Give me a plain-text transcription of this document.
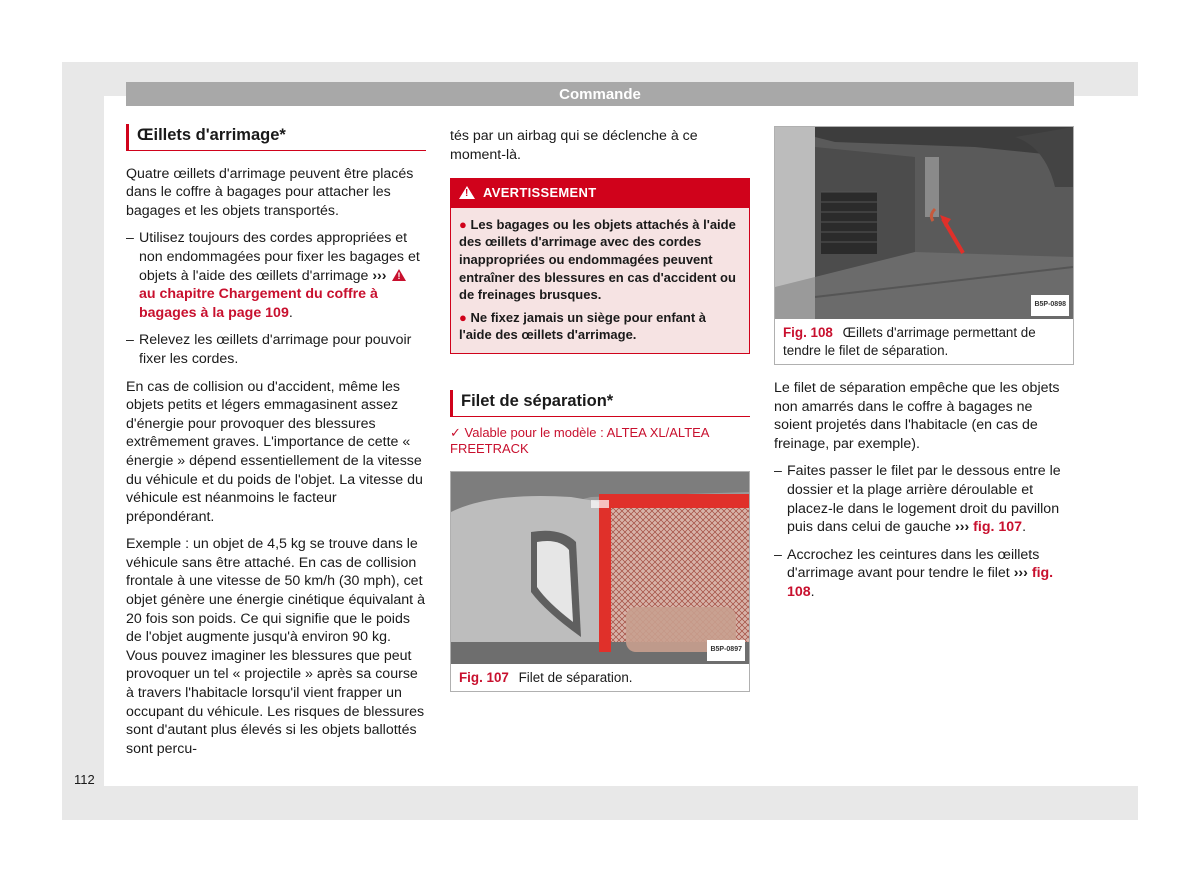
Commande
Œillets d'arrimage*

Quatre œillets d'arrimage peuvent être placés dans le coffre à bagages pour attacher les bagages et les objets transportés.

– Utilisez toujours des cordes appropriées et non endommagées pour fixer les bagages et objets à l'aide des œillets d'arrimage ››› ! au chapitre Chargement du coffre à bagages à la page 109.
– Relevez les œillets d'arrimage pour pouvoir fixer les cordes.

En cas de collision ou d'accident, même les objets petits et légers emmagasinent assez d'énergie pour provoquer des blessures extrêmement graves. L'importance de cette « énergie » dépend essentiellement de la vitesse du véhicule et du poids de l'objet. La vitesse du véhicule est néanmoins le facteur prépondérant.

Exemple : un objet de 4,5 kg se trouve dans le véhicule sans être attaché. En cas de collision frontale à une vitesse de 50 km/h (30 mph), cet objet génère une énergie cinétique équivalant à 20 fois son poids. Ce qui signifie que le poids de l'objet augmente jusqu'à environ 90 kg. Vous pouvez imaginer les blessures que peut provoquer un tel « projectile » après sa course à travers l'habitacle lorsqu'il vient frapper un occupant du véhicule. Les risques de blessures sont d'autant plus élevés si les objets ballottés sont percu-

tés par un airbag qui se déclenche à ce moment-là.

!AVERTISSEMENT
● Les bagages ou les objets attachés à l'aide des œillets d'arrimage avec des cordes inappropriées ou endommagées peuvent entraîner des blessures en cas d'accident ou de freinages brusques.
● Ne fixez jamais un siège pour enfant à l'aide des œillets d'arrimage.
Filet de séparation*
✓ Valable pour le modèle : ALTEA XL/ALTEA FREETRACK
B5P-0897
Fig. 107 Filet de séparation.
B5P-0898
Fig. 108 Œillets d'arrimage permettant de tendre le filet de séparation.

Le filet de séparation empêche que les objets non amarrés dans le coffre à bagages ne soient projetés dans l'habitacle (en cas de freinage, par exemple).

– Faites passer le filet par le dessous entre le dossier et la plage arrière déroulable et placez-le dans le logement droit du pavillon puis dans celui de gauche ››› fig. 107.
– Accrochez les ceintures dans les œillets d'arrimage avant pour tendre le filet ››› fig. 108.
112
